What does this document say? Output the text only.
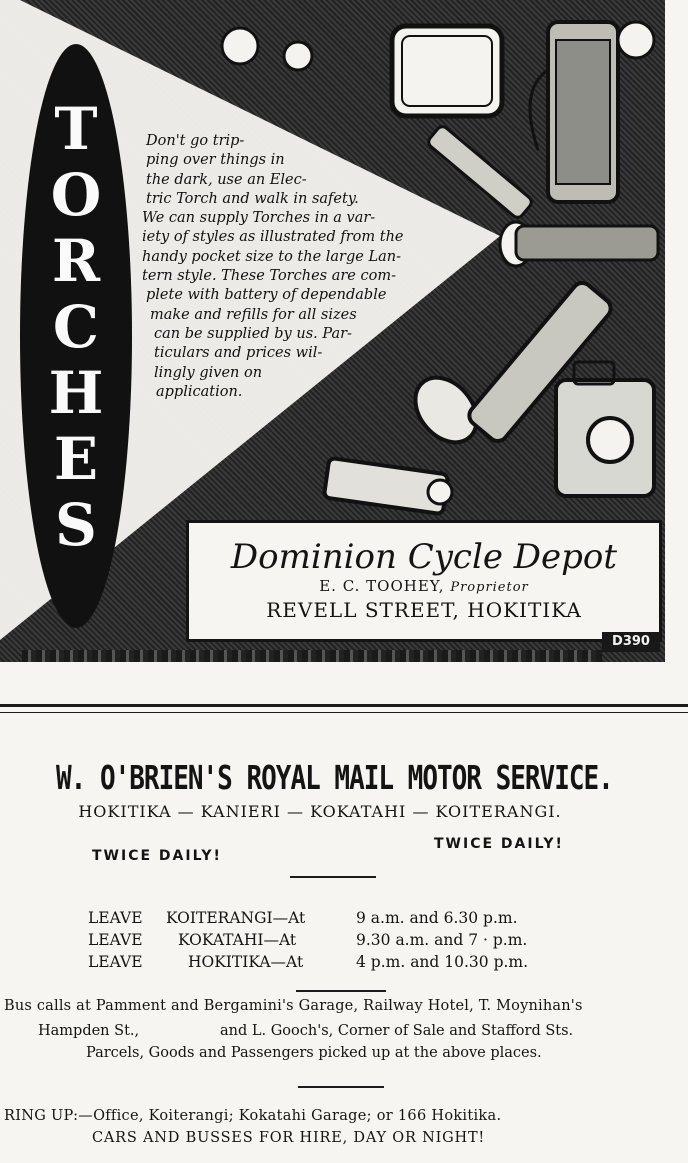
T
O
R
C
H
E
S
Don't go trip-
ping over things in
the dark, use an Elec-
tric Torch and walk in safety.
We can supply Torches in a var-
iety of styles as illustrated from the
handy pocket size to the large Lan-
tern style. These Torches are com-
plete with battery of dependable
make and refills for all sizes
can be supplied by us. Par-
ticulars and prices wil-
lingly given on
application.
Dominion Cycle Depot
E. C. TOOHEY, Proprietor
REVELL STREET, HOKITIKA
D390
W. O'BRIEN'S ROYAL MAIL MOTOR SERVICE.
HOKITIKA — KANIERI — KOKATAHI — KOITERANGI.
TWICE DAILY!
TWICE DAILY!
LEAVE KOITERANGI—At	9 a.m. and 6.30 p.m.
LEAVE KOKATAHI—At	9.30 a.m. and 7 · p.m.
LEAVE	HOKITIKA—At	4 p.m. and 10.30 p.m.
Bus calls at Pamment and Bergamini's Garage, Railway Hotel, T. Moynihan's
Hampden St.,	and L. Gooch's, Corner of Sale and Stafford Sts.
Parcels, Goods and Passengers picked up at the above places.
RING UP:—Office, Koiterangi; Kokatahi Garage; or 166 Hokitika.
CARS AND BUSSES FOR HIRE, DAY OR NIGHT!
